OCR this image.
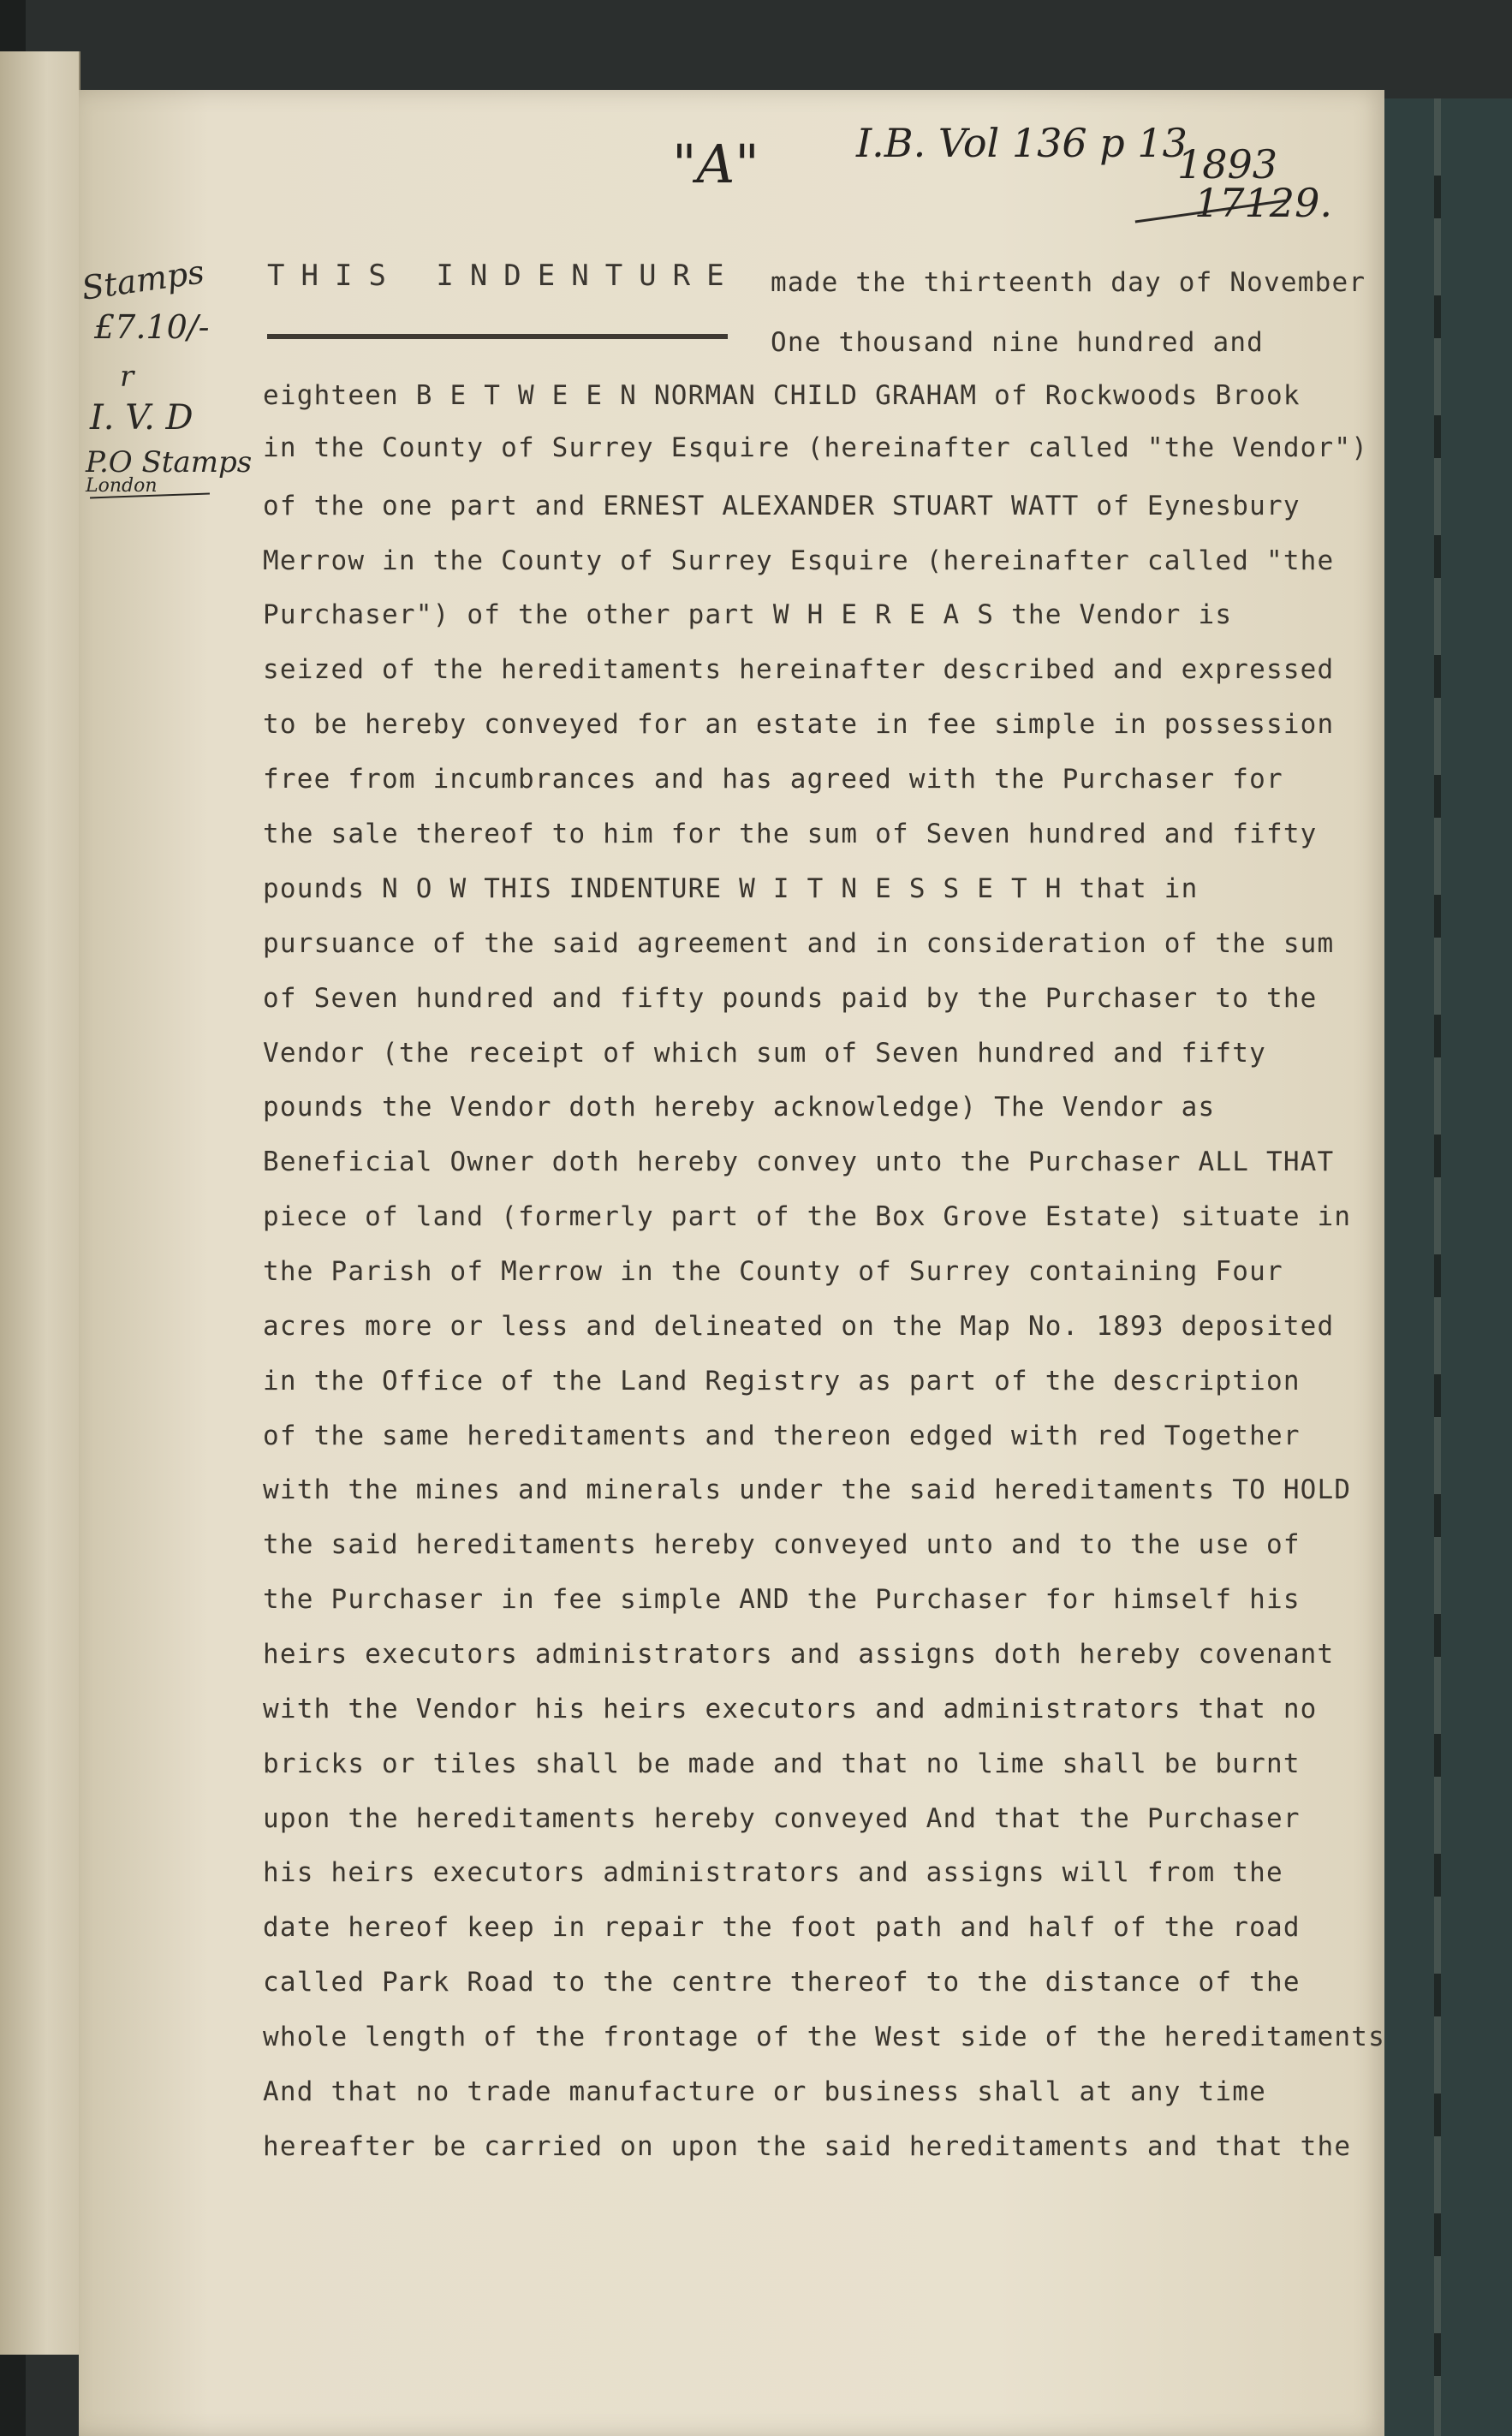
"A" I.B. Vol 136 p 13

1893

17129.

Stamps

£7.10/-

r

I. V. D

P.O Stamps

London

THIS INDENTURE made the thirteenth day of November

One thousand nine hundred and

eighteen B E T W E E N NORMAN CHILD GRAHAM of Rockwoods Brook

in the County of Surrey Esquire (hereinafter called "the Vendor")

of the one part and ERNEST ALEXANDER STUART WATT of Eynesbury

Merrow in the County of Surrey Esquire (hereinafter called "the

Purchaser") of the other part W H E R E A S the Vendor is

seized of the hereditaments hereinafter described and expressed

to be hereby conveyed for an estate in fee simple in possession

free from incumbrances and has agreed with the Purchaser for

the sale thereof to him for the sum of Seven hundred and fifty

pounds N O W THIS INDENTURE W I T N E S S E T H that in

pursuance of the said agreement and in consideration of the sum

of Seven hundred and fifty pounds paid by the Purchaser to the

Vendor (the receipt of which sum of Seven hundred and fifty

pounds the Vendor doth hereby acknowledge) The Vendor as

Beneficial Owner doth hereby convey unto the Purchaser ALL THAT

piece of land (formerly part of the Box Grove Estate) situate in

the Parish of Merrow in the County of Surrey containing Four

acres more or less and delineated on the Map No. 1893 deposited

in the Office of the Land Registry as part of the description

of the same hereditaments and thereon edged with red Together

with the mines and minerals under the said hereditaments TO HOLD

the said hereditaments hereby conveyed unto and to the use of

the Purchaser in fee simple AND the Purchaser for himself his

heirs executors administrators and assigns doth hereby covenant

with the Vendor his heirs executors and administrators that no

bricks or tiles shall be made and that no lime shall be burnt

upon the hereditaments hereby conveyed And that the Purchaser

his heirs executors administrators and assigns will from the

date hereof keep in repair the foot path and half of the road

called Park Road to the centre thereof to the distance of the

whole length of the frontage of the West side of the hereditaments

And that no trade manufacture or business shall at any time

hereafter be carried on upon the said hereditaments and that the
